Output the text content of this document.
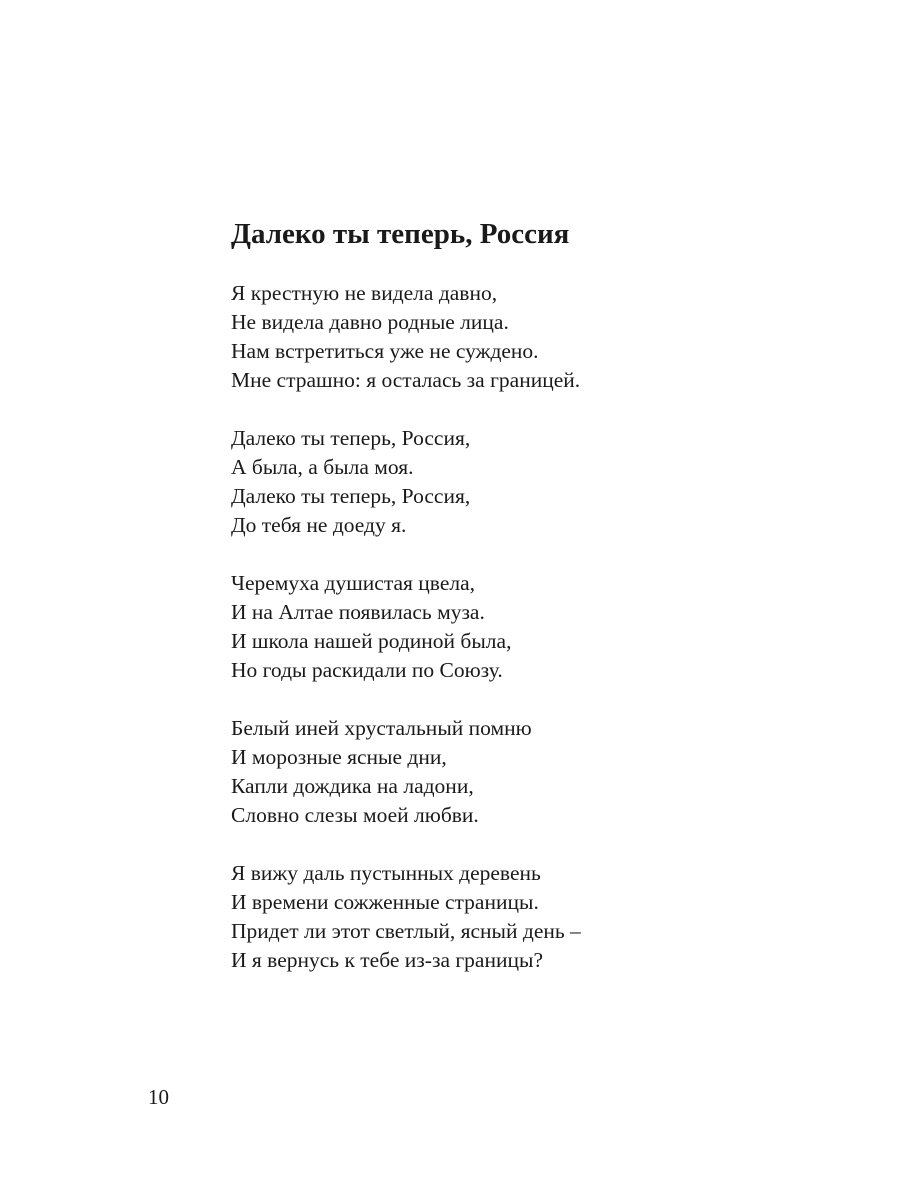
Далеко ты теперь, Россия
Я крестную не видела давно,
Не видела давно родные лица.
Нам встретиться уже не суждено.
Мне страшно: я осталась за границей.
Далеко ты теперь, Россия,
А была, а была моя.
Далеко ты теперь, Россия,
До тебя не доеду я.
Черемуха душистая цвела,
И на Алтае появилась муза.
И школа нашей родиной была,
Но годы раскидали по Союзу.
Белый иней хрустальный помню
И морозные ясные дни,
Капли дождика на ладони,
Словно слезы моей любви.
Я вижу даль пустынных деревень
И времени сожженные страницы.
Придет ли этот светлый, ясный день –
И я вернусь к тебе из-за границы?
10
